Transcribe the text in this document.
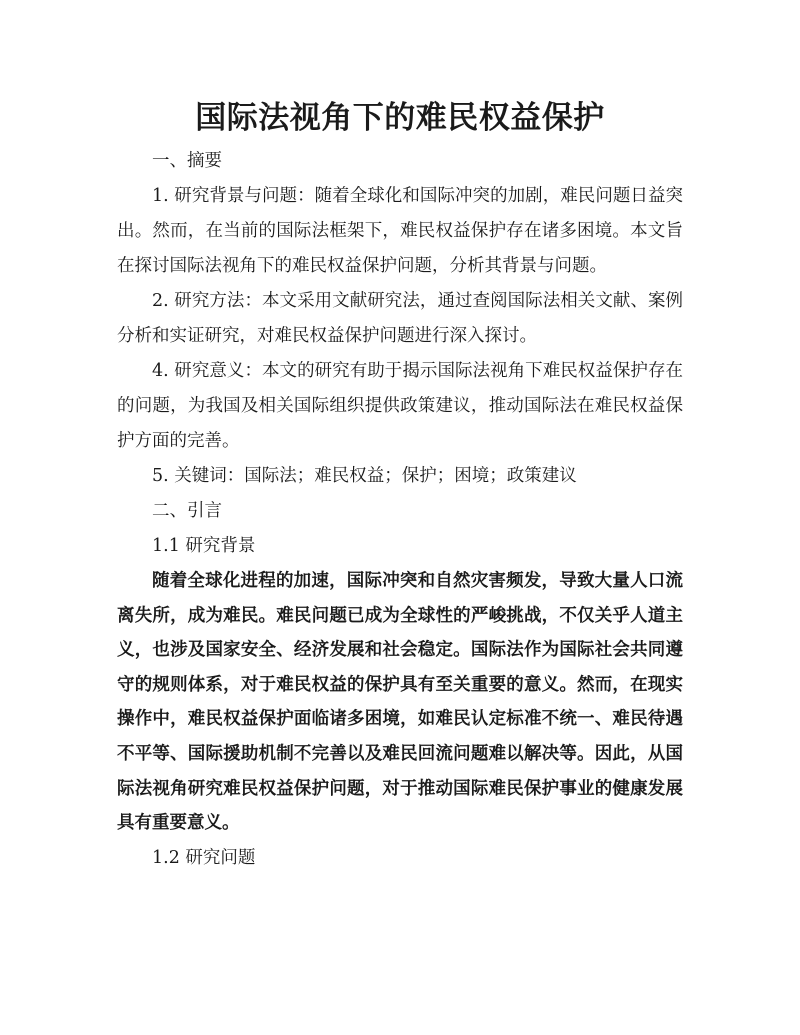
国际法视角下的难民权益保护

一、摘要

1. 研究背景与问题：随着全球化和国际冲突的加剧，难民问题日益突出。然而，在当前的国际法框架下，难民权益保护存在诸多困境。本文旨在探讨国际法视角下的难民权益保护问题，分析其背景与问题。

2. 研究方法：本文采用文献研究法，通过查阅国际法相关文献、案例分析和实证研究，对难民权益保护问题进行深入探讨。

4. 研究意义：本文的研究有助于揭示国际法视角下难民权益保护存在的问题，为我国及相关国际组织提供政策建议，推动国际法在难民权益保护方面的完善。

5. 关键词：国际法；难民权益；保护；困境；政策建议

二、引言

1.1 研究背景

随着全球化进程的加速，国际冲突和自然灾害频发，导致大量人口流离失所，成为难民。难民问题已成为全球性的严峻挑战，不仅关乎人道主义，也涉及国家安全、经济发展和社会稳定。国际法作为国际社会共同遵守的规则体系，对于难民权益的保护具有至关重要的意义。然而，在现实操作中，难民权益保护面临诸多困境，如难民认定标准不统一、难民待遇不平等、国际援助机制不完善以及难民回流问题难以解决等。因此，从国际法视角研究难民权益保护问题，对于推动国际难民保护事业的健康发展具有重要意义。

1.2 研究问题
